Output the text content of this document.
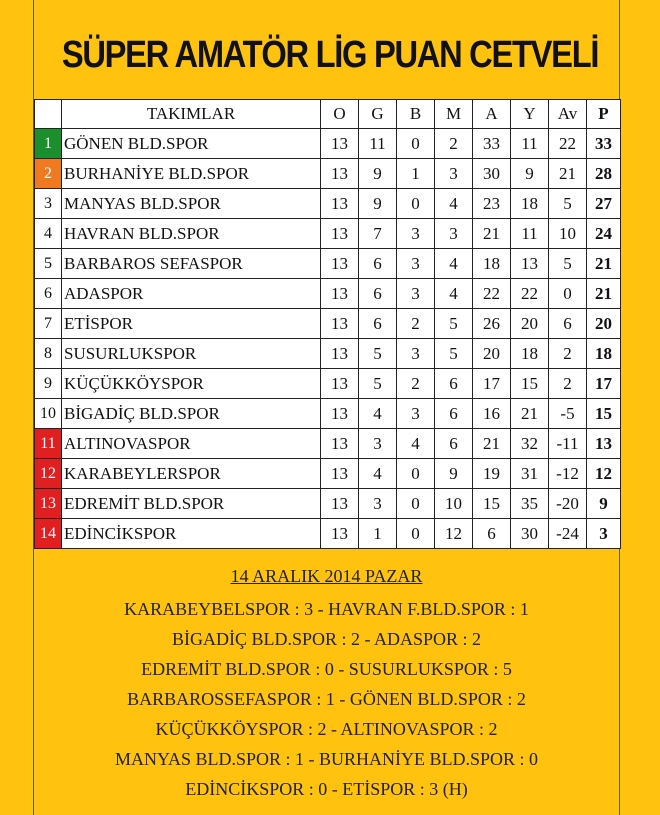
SÜPER AMATÖR LİG PUAN CETVELİ
	TAKIMLAR	O	G	B	M	A	Y	Av	P
1	GÖNEN BLD.SPOR	13	11	0	2	33	11	22	33
2	BURHANİYE BLD.SPOR	13	9	1	3	30	9	21	28
3	MANYAS BLD.SPOR	13	9	0	4	23	18	5	27
4	HAVRAN BLD.SPOR	13	7	3	3	21	11	10	24
5	BARBAROS SEFASPOR	13	6	3	4	18	13	5	21
6	ADASPOR	13	6	3	4	22	22	0	21
7	ETİSPOR	13	6	2	5	26	20	6	20
8	SUSURLUKSPOR	13	5	3	5	20	18	2	18
9	KÜÇÜKKÖYSPOR	13	5	2	6	17	15	2	17
10	BİGADİÇ BLD.SPOR	13	4	3	6	16	21	-5	15
11	ALTINOVASPOR	13	3	4	6	21	32	-11	13
12	KARABEYLERSPOR	13	4	0	9	19	31	-12	12
13	EDREMİT BLD.SPOR	13	3	0	10	15	35	-20	9
14	EDİNCİKSPOR	13	1	0	12	6	30	-24	3
14 ARALIK 2014 PAZAR
KARABEYBELSPOR : 3 - HAVRAN F.BLD.SPOR : 1
BİGADİÇ BLD.SPOR : 2 - ADASPOR : 2
EDREMİT BLD.SPOR : 0 - SUSURLUKSPOR : 5
BARBAROSSEFASPOR : 1 - GÖNEN BLD.SPOR : 2
KÜÇÜKKÖYSPOR : 2 - ALTINOVASPOR : 2
MANYAS BLD.SPOR : 1 - BURHANİYE BLD.SPOR : 0
EDİNCİKSPOR : 0 - ETİSPOR : 3 (H)
